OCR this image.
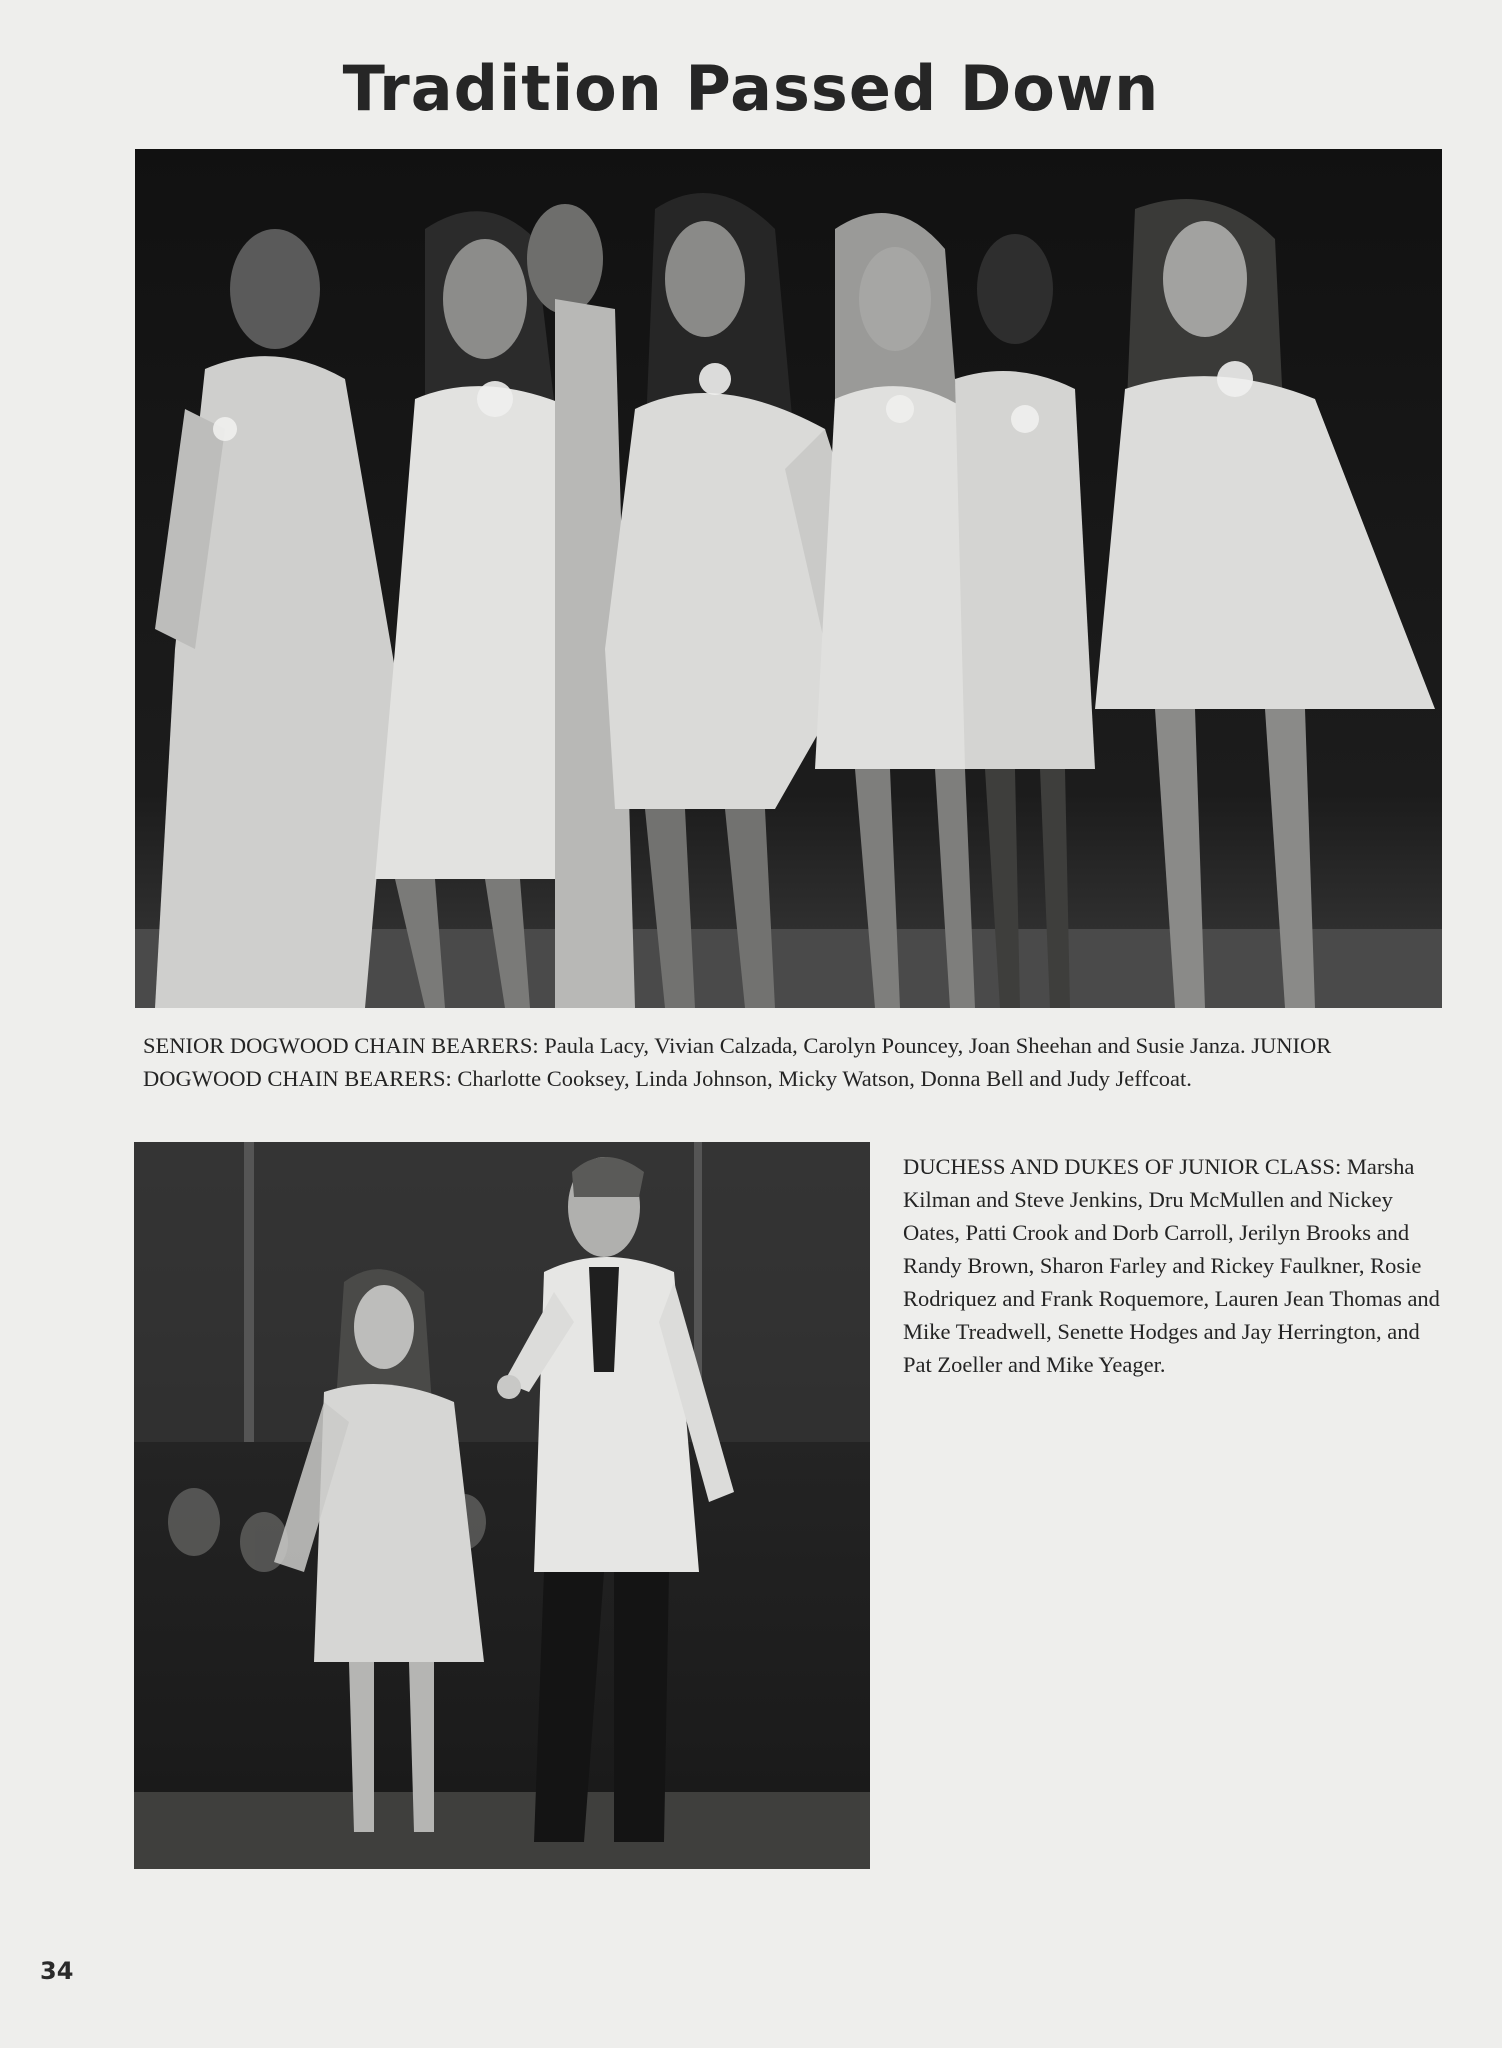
Tradition Passed Down
SENIOR DOGWOOD CHAIN BEARERS: Paula Lacy, Vivian Calzada, Carolyn Pouncey, Joan Sheehan and Susie Janza. JUNIOR DOGWOOD CHAIN BEARERS: Charlotte Cooksey, Linda Johnson, Micky Watson, Donna Bell and Judy Jeffcoat.
DUCHESS AND DUKES OF JUNIOR CLASS: Marsha Kilman and Steve Jenkins, Dru McMullen and Nickey Oates, Patti Crook and Dorb Carroll, Jerilyn Brooks and Randy Brown, Sharon Farley and Rickey Faulkner, Rosie Rodriquez and Frank Roquemore, Lauren Jean Thomas and Mike Treadwell, Senette Hodges and Jay Herrington, and Pat Zoeller and Mike Yeager.
34
